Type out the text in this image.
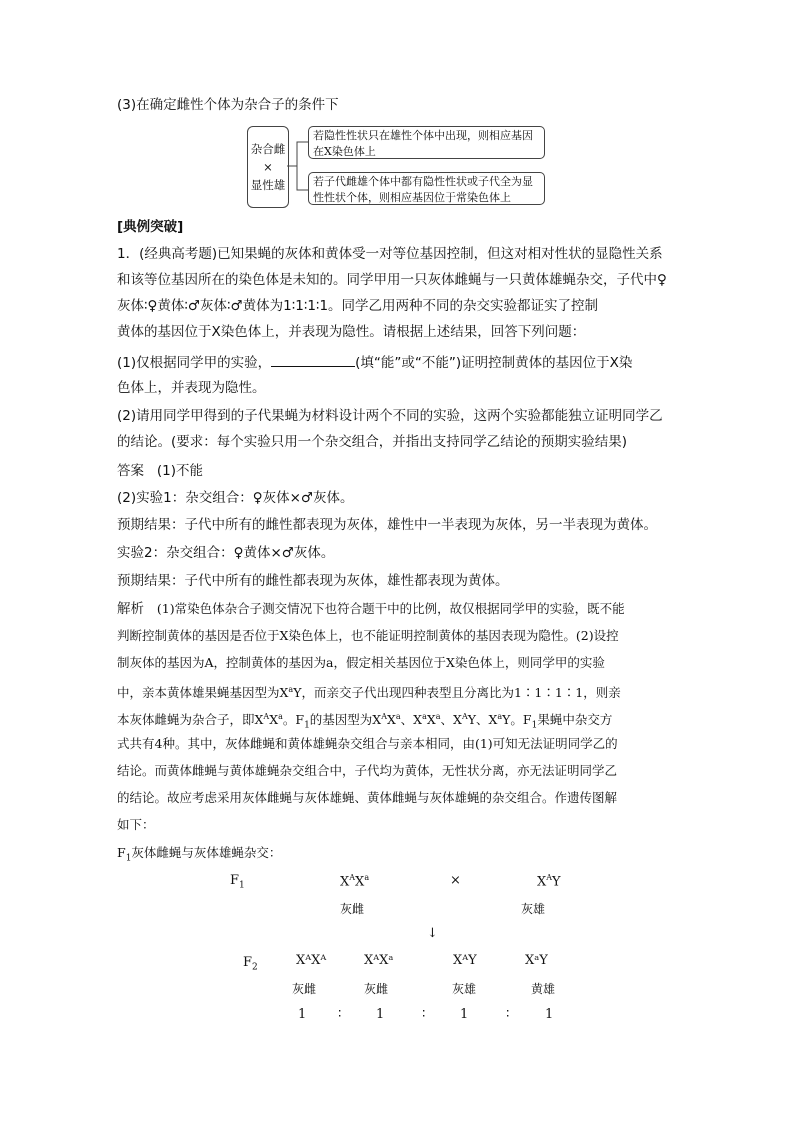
(3)在确定雌性个体为杂合子的条件下
杂合雌
×
显性雄
若隐性性状只在雄性个体中出现，则相应基因在X染色体上
若子代雌雄个体中都有隐性性状或子代全为显性性状个体，则相应基因位于常染色体上
[典例突破]
1．(经典高考题)已知果蝇的灰体和黄体受一对等位基因控制，但这对相对性状的显隐性关系
和该等位基因所在的染色体是未知的。同学甲用一只灰体雌蝇与一只黄体雄蝇杂交，子代中♀
灰体∶♀黄体∶♂灰体∶♂黄体为1∶1∶1∶1。同学乙用两种不同的杂交实验都证实了控制
黄体的基因位于X染色体上，并表现为隐性。请根据上述结果，回答下列问题：
(1)仅根据同学甲的实验，	(填“能”或“不能”)证明控制黄体的基因位于X染
色体上，并表现为隐性。
(2)请用同学甲得到的子代果蝇为材料设计两个不同的实验，这两个实验都能独立证明同学乙
的结论。(要求：每个实验只用一个杂交组合，并指出支持同学乙结论的预期实验结果)
答案 (1)不能
(2)实验1：杂交组合：♀灰体×♂灰体。
预期结果：子代中所有的雌性都表现为灰体，雄性中一半表现为灰体，另一半表现为黄体。
实验2：杂交组合：♀黄体×♂灰体。
预期结果：子代中所有的雌性都表现为灰体，雄性都表现为黄体。
解析 (1)常染色体杂合子测交情况下也符合题干中的比例，故仅根据同学甲的实验，既不能
判断控制黄体的基因是否位于X染色体上，也不能证明控制黄体的基因表现为隐性。(2)设控
制灰体的基因为A，控制黄体的基因为a，假定相关基因位于X染色体上，则同学甲的实验
中，亲本黄体雄果蝇基因型为$X^aY$，而亲交子代出现四种表型且分离比为1∶1∶1∶1，则亲
本灰体雌蝇为杂合子，即$X^AX^a$。$F_1$的基因型为$X^AX^a$、$X^aX^a$、$X^AY$、$X^aY$。$F_1$果蝇中杂交方
式共有4种。其中，灰体雌蝇和黄体雄蝇杂交组合与亲本相同，由(1)可知无法证明同学乙的
结论。而黄体雌蝇与黄体雄蝇杂交组合中，子代均为黄体，无性状分离，亦无法证明同学乙
的结论。故应考虑采用灰体雌蝇与灰体雄蝇、黄体雌蝇与灰体雄蝇的杂交组合。作遗传图解
如下：
$F_1$灰体雌蝇与灰体雄蝇杂交：
$F_1$	$X^AX^a$	×	$X^AY$
灰雌	灰雄
↓
$F_2$	XᴬXᴬ	XᴬXᵃ	XᴬY	XᵃY
灰雌	灰雌	灰雄	黄雄
1 ∶	1	∶	1	∶	1
